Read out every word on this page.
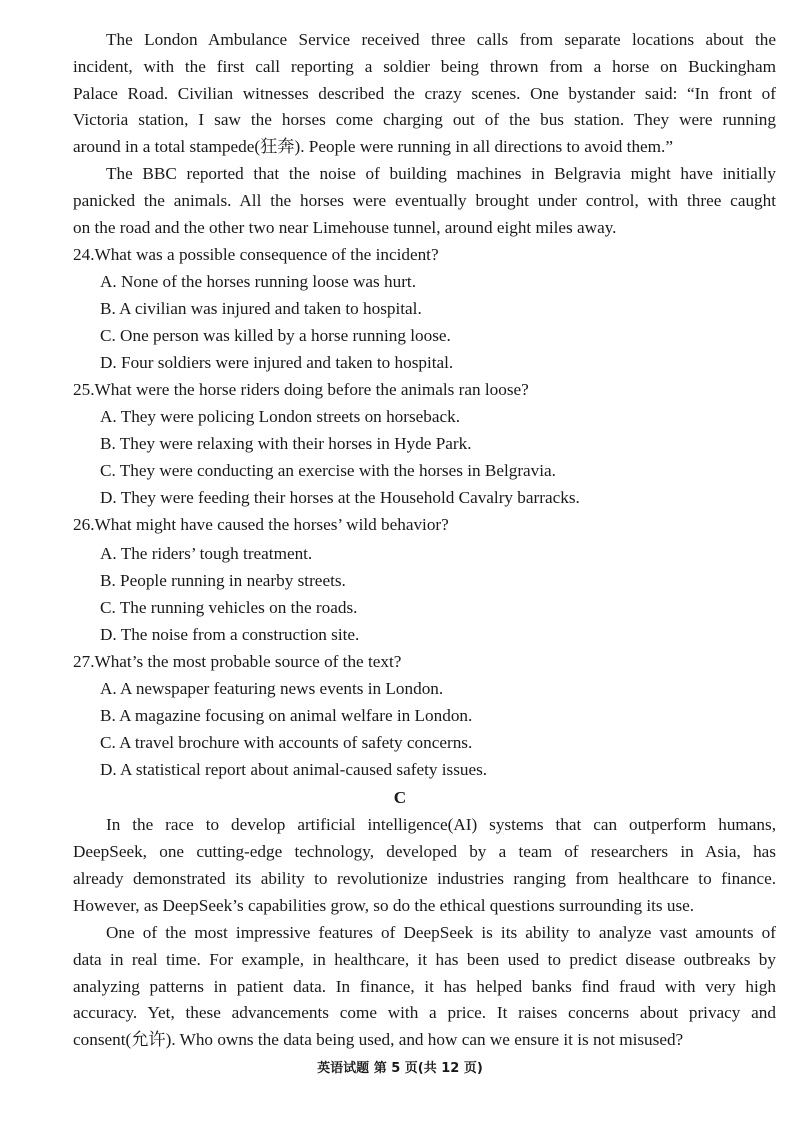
The London Ambulance Service received three calls from separate locations about the
incident, with the first call reporting a soldier being thrown from a horse on Buckingham
Palace Road. Civilian witnesses described the crazy scenes. One bystander said: “In front of
Victoria station, I saw the horses come charging out of the bus station. They were running
around in a total stampede(狂奔). People were running in all directions to avoid them.”
The BBC reported that the noise of building machines in Belgravia might have initially
panicked the animals. All the horses were eventually brought under control, with three caught
on the road and the other two near Limehouse tunnel, around eight miles away.
24.What was a possible consequence of the incident?
A. None of the horses running loose was hurt.
B. A civilian was injured and taken to hospital.
C. One person was killed by a horse running loose.
D. Four soldiers were injured and taken to hospital.
25.What were the horse riders doing before the animals ran loose?
A. They were policing London streets on horseback.
B. They were relaxing with their horses in Hyde Park.
C. They were conducting an exercise with the horses in Belgravia.
D. They were feeding their horses at the Household Cavalry barracks.
26.What might have caused the horses’ wild behavior?
A. The riders’ tough treatment.
B. People running in nearby streets.
C. The running vehicles on the roads.
D. The noise from a construction site.
27.What’s the most probable source of the text?
A. A newspaper featuring news events in London.
B. A magazine focusing on animal welfare in London.
C. A travel brochure with accounts of safety concerns.
D. A statistical report about animal-caused safety issues.
C
In the race to develop artificial intelligence(AI) systems that can outperform humans,
DeepSeek, one cutting-edge technology, developed by a team of researchers in Asia, has
already demonstrated its ability to revolutionize industries ranging from healthcare to finance.
However, as DeepSeek’s capabilities grow, so do the ethical questions surrounding its use.
One of the most impressive features of DeepSeek is its ability to analyze vast amounts of
data in real time. For example, in healthcare, it has been used to predict disease outbreaks by
analyzing patterns in patient data. In finance, it has helped banks find fraud with very high
accuracy. Yet, these advancements come with a price. It raises concerns about privacy and
consent(允许). Who owns the data being used, and how can we ensure it is not misused?
英语试题 第 5 页(共 12 页)
